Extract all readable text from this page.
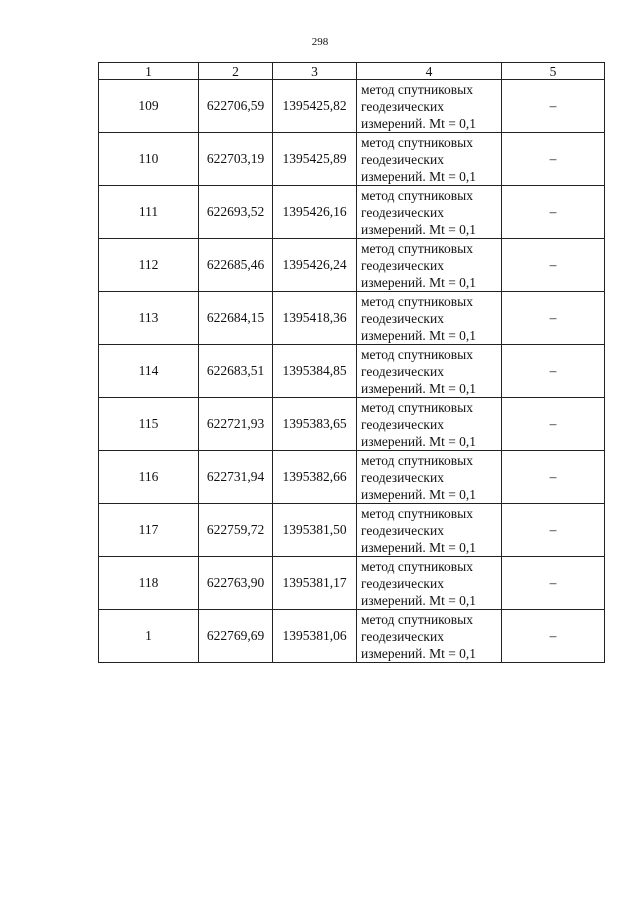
298
1	2	3	4	5
109	622706,59	1395425,82	метод спутниковых
геодезических
измерений. Mt = 0,1	–
110	622703,19	1395425,89	метод спутниковых
геодезических
измерений. Mt = 0,1	–
111	622693,52	1395426,16	метод спутниковых
геодезических
измерений. Mt = 0,1	–
112	622685,46	1395426,24	метод спутниковых
геодезических
измерений. Mt = 0,1	–
113	622684,15	1395418,36	метод спутниковых
геодезических
измерений. Mt = 0,1	–
114	622683,51	1395384,85	метод спутниковых
геодезических
измерений. Mt = 0,1	–
115	622721,93	1395383,65	метод спутниковых
геодезических
измерений. Mt = 0,1	–
116	622731,94	1395382,66	метод спутниковых
геодезических
измерений. Mt = 0,1	–
117	622759,72	1395381,50	метод спутниковых
геодезических
измерений. Mt = 0,1	–
118	622763,90	1395381,17	метод спутниковых
геодезических
измерений. Mt = 0,1	–
1	622769,69	1395381,06	метод спутниковых
геодезических
измерений. Mt = 0,1	–
